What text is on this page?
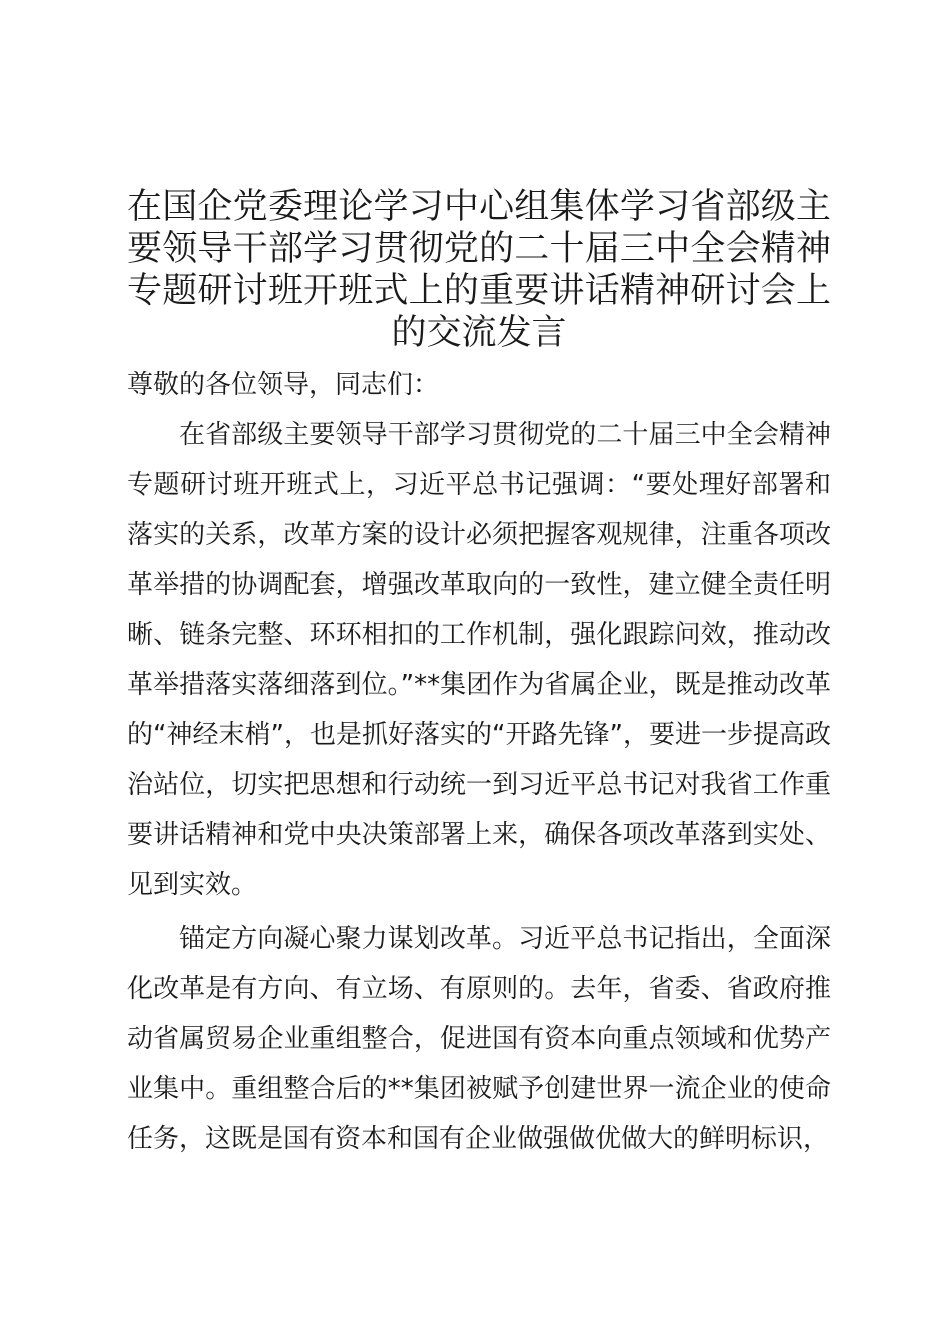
在国企党委理论学习中心组集体学习省部级主要领导干部学习贯彻党的二十届三中全会精神专题研讨班开班式上的重要讲话精神研讨会上的交流发言

尊敬的各位领导，同志们：

在省部级主要领导干部学习贯彻党的二十届三中全会精神专题研讨班开班式上，习近平总书记强调：“要处理好部署和落实的关系，改革方案的设计必须把握客观规律，注重各项改革举措的协调配套，增强改革取向的一致性，建立健全责任明晰、链条完整、环环相扣的工作机制，强化跟踪问效，推动改革举措落实落细落到位。”**集团作为省属企业，既是推动改革的“神经末梢”，也是抓好落实的“开路先锋”，要进一步提高政治站位，切实把思想和行动统一到习近平总书记对我省工作重要讲话精神和党中央决策部署上来，确保各项改革落到实处、见到实效。

锚定方向凝心聚力谋划改革。习近平总书记指出，全面深化改革是有方向、有立场、有原则的。去年，省委、省政府推动省属贸易企业重组整合，促进国有资本向重点领域和优势产业集中。重组整合后的**集团被赋予创建世界一流企业的使命任务，这既是国有资本和国有企业做强做优做大的鲜明标识，
